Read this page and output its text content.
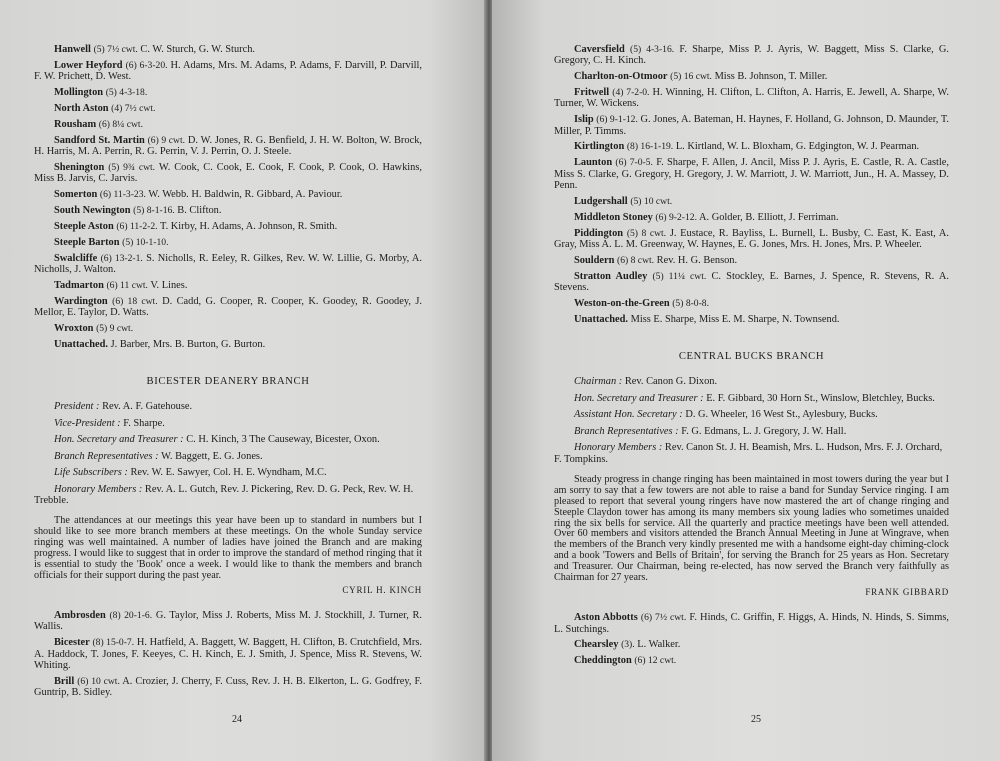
Hanwell (5) 7½ cwt. C. W. Sturch, G. W. Sturch.

Lower Heyford (6) 6-3-20. H. Adams, Mrs. M. Adams, P. Adams, F. Darvill, P. Darvill, F. W. Prichett, D. West.

Mollington (5) 4-3-18.

North Aston (4) 7½ cwt.

Rousham (6) 8¼ cwt.

Sandford St. Martin (6) 9 cwt. D. W. Jones, R. G. Benfield, J. H. W. Bolton, W. Brock, H. Harris, M. A. Perrin, R. G. Perrin, V. J. Perrin, O. J. Steele.

Shenington (5) 9¾ cwt. W. Cook, C. Cook, E. Cook, F. Cook, P. Cook, O. Hawkins, Miss B. Jarvis, C. Jarvis.

Somerton (6) 11-3-23. W. Webb. H. Baldwin, R. Gibbard, A. Paviour.

South Newington (5) 8-1-16. B. Clifton.

Steeple Aston (6) 11-2-2. T. Kirby, H. Adams, A. Johnson, R. Smith.

Steeple Barton (5) 10-1-10.

Swalcliffe (6) 13-2-1. S. Nicholls, R. Eeley, R. Gilkes, Rev. W. W. Lillie, G. Morby, A. Nicholls, J. Walton.

Tadmarton (6) 11 cwt. V. Lines.

Wardington (6) 18 cwt. D. Cadd, G. Cooper, R. Cooper, K. Goodey, R. Goodey, J. Mellor, E. Taylor, D. Watts.

Wroxton (5) 9 cwt.

Unattached. J. Barber, Mrs. B. Burton, G. Burton.

BICESTER DEANERY BRANCH

President : Rev. A. F. Gatehouse.

Vice-President : F. Sharpe.

Hon. Secretary and Treasurer : C. H. Kinch, 3 The Causeway, Bicester, Oxon.

Branch Representatives : W. Baggett, E. G. Jones.

Life Subscribers : Rev. W. E. Sawyer, Col. H. E. Wyndham, M.C.

Honorary Members : Rev. A. L. Gutch, Rev. J. Pickering, Rev. D. G. Peck, Rev. W. H. Trebble.

The attendances at our meetings this year have been up to standard in numbers but I should like to see more branch members at these meetings. On the whole Sunday service ringing was well maintained. A number of ladies have joined the Branch and are making progress. I would like to suggest that in order to improve the standard of method ringing that it is essential to study the 'Book' once a week. I would like to thank the members and branch officials for their support during the past year.

CYRIL H. KINCH

Ambrosden (8) 20-1-6. G. Taylor, Miss J. Roberts, Miss M. J. Stockhill, J. Turner, R. Wallis.

Bicester (8) 15-0-7. H. Hatfield, A. Baggett, W. Baggett, H. Clifton, B. Crutchfield, Mrs. A. Haddock, T. Jones, F. Keeyes, C. H. Kinch, E. J. Smith, J. Spence, Miss R. Stevens, W. Whiting.

Brill (6) 10 cwt. A. Crozier, J. Cherry, F. Cuss, Rev. J. H. B. Elkerton, L. G. Godfrey, F. Guntrip, B. Sidley.

24

Caversfield (5) 4-3-16. F. Sharpe, Miss P. J. Ayris, W. Baggett, Miss S. Clarke, G. Gregory, C. H. Kinch.

Charlton-on-Otmoor (5) 16 cwt. Miss B. Johnson, T. Miller.

Fritwell (4) 7-2-0. H. Winning, H. Clifton, L. Clifton, A. Harris, E. Jewell, A. Sharpe, W. Turner, W. Wickens.

Islip (6) 9-1-12. G. Jones, A. Bateman, H. Haynes, F. Holland, G. Johnson, D. Maunder, T. Miller, P. Timms.

Kirtlington (8) 16-1-19. L. Kirtland, W. L. Bloxham, G. Edgington, W. J. Pearman.

Launton (6) 7-0-5. F. Sharpe, F. Allen, J. Ancil, Miss P. J. Ayris, E. Castle, R. A. Castle, Miss S. Clarke, G. Gregory, H. Gregory, J. W. Marriott, J. W. Marriott, Jun., H. A. Massey, D. Penn.

Ludgershall (5) 10 cwt.

Middleton Stoney (6) 9-2-12. A. Golder, B. Elliott, J. Ferriman.

Piddington (5) 8 cwt. J. Eustace, R. Bayliss, L. Burnell, L. Busby, C. East, K. East, A. Gray, Miss A. L. M. Greenway, W. Haynes, E. G. Jones, Mrs. H. Jones, Mrs. P. Wheeler.

Souldern (6) 8 cwt. Rev. H. G. Benson.

Stratton Audley (5) 11¼ cwt. C. Stockley, E. Barnes, J. Spence, R. Stevens, R. A. Stevens.

Weston-on-the-Green (5) 8-0-8.

Unattached. Miss E. Sharpe, Miss E. M. Sharpe, N. Townsend.

CENTRAL BUCKS BRANCH

Chairman : Rev. Canon G. Dixon.

Hon. Secretary and Treasurer : E. F. Gibbard, 30 Horn St., Winslow, Bletchley, Bucks.

Assistant Hon. Secretary : D. G. Wheeler, 16 West St., Aylesbury, Bucks.

Branch Representatives : F. G. Edmans, L. J. Gregory, J. W. Hall.

Honorary Members : Rev. Canon St. J. H. Beamish, Mrs. L. Hudson, Mrs. F. J. Orchard, F. Tompkins.

Steady progress in change ringing has been maintained in most towers during the year but I am sorry to say that a few towers are not able to raise a band for Sunday Service ringing. I am pleased to report that several young ringers have now mastered the art of change ringing and Steeple Claydon tower has among its many members six young ladies who sometimes unaided ring the six bells for service. All the quarterly and practice meetings have been well attended. Over 60 members and visitors attended the Branch Annual Meeting in June at Wingrave, when the members of the Branch very kindly presented me with a handsome eight-day chiming-clock and a book 'Towers and Bells of Britain', for serving the Branch for 25 years as Hon. Secretary and Treasurer. Our Chairman, being re-elected, has now served the Branch very faithfully as Chairman for 27 years.

FRANK GIBBARD

Aston Abbotts (6) 7½ cwt. F. Hinds, C. Griffin, F. Higgs, A. Hinds, N. Hinds, S. Simms, L. Sutchings.

Chearsley (3). L. Walker.

Cheddington (6) 12 cwt.

25
